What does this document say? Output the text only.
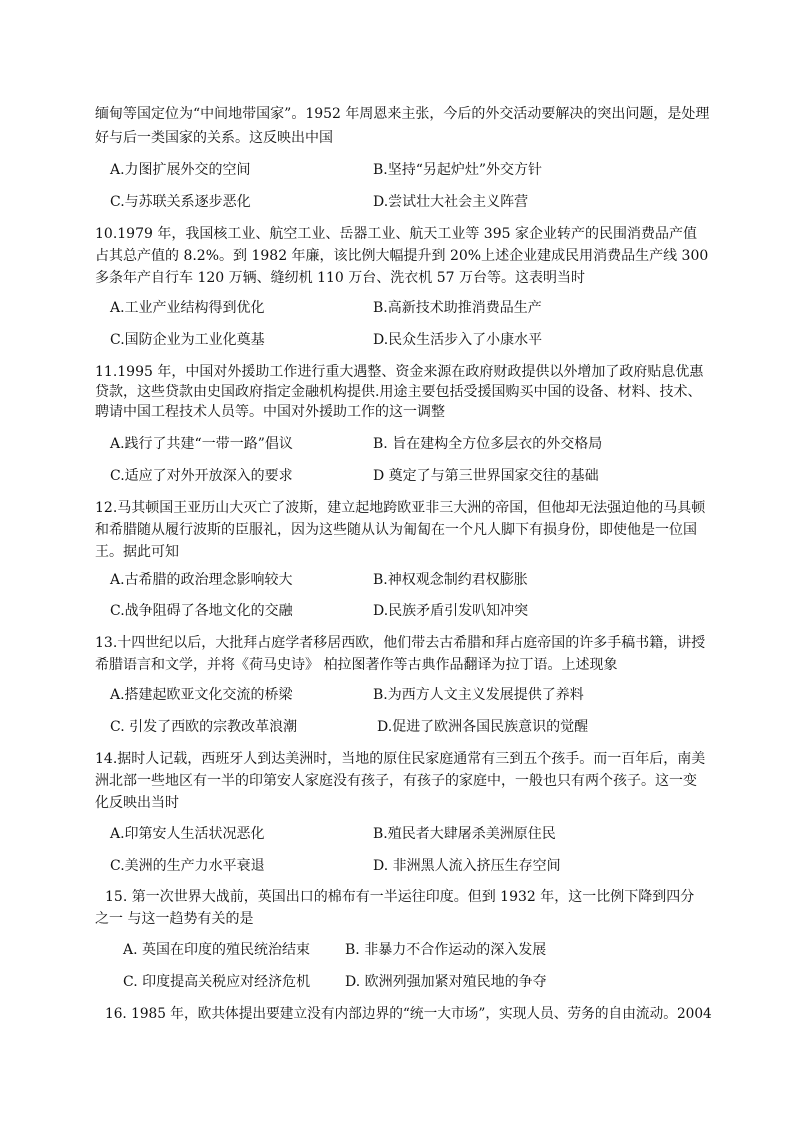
缅甸等国定位为“中间地带国家”。1952 年周恩来主张，今后的外交活动要解决的突出问题，是处理
好与后一类国家的关系。这反映出中国
A.力图扩展外交的空间	B.坚持“另起炉灶”外交方针
C.与苏联关系逐步恶化	D.尝试壮大社会主义阵营
10.1979 年，我国核工业、航空工业、岳器工业、航天工业等 395 家企业转产的民围消费品产值
占其总产值的 8.2%。到 1982 年廉，该比例大幅提升到 20%上述企业建成民用消费品生产线 300
多条年产自行车 120 万辆、缝纫机 110 万台、洗衣机 57 万台等。这表明当时
A.工业产业结构得到优化	B.高新技术助推消费品生产
C.国防企业为工业化奠基	D.民众生活步入了小康水平
11.1995 年，中国对外援助工作进行重大遇整、资金来源在政府财政提供以外增加了政府贴息优惠
贷款，这些贷款由史国政府指定金融机构提供.用途主要包括受援国购买中国的设备、材料、技术、
聘请中国工程技术人员等。中国对外援助工作的这一调整
A.践行了共建“一带一路”倡议	B. 旨在建构全方位多层衣的外交格局
C.适应了对外开放深入的要求	D 奠定了与第三世界国家交往的基础
12.马其顿国王亚历山大灭亡了波斯，建立起地跨欧亚非三大洲的帝国，但他却无法强迫他的马具顿
和希腊随从履行波斯的臣服礼，因为这些随从认为匍匐在一个凡人脚下有损身份，即使他是一位国
王。据此可知
A.古希腊的政治理念影响较大	B.神权观念制约君权膨胀
C.战争阻碍了各地文化的交融	D.民族矛盾引发叭知冲突
13.十四世纪以后，大批拜占庭学者移居西欧，他们带去古希腊和拜占庭帝国的许多手稿书籍，讲授
希腊语言和文学，并将《荷马史诗》 柏拉图著作等古典作品翻译为拉丁语。上述现象
A.搭建起欧亚文化交流的桥梁	B.为西方人文主义发展提供了养料
C. 引发了西欧的宗教改革浪潮	D.促进了欧洲各国民族意识的觉醒
14.据时人记载，西班牙人到达美洲时，当地的原住民家庭通常有三到五个孩手。而一百年后，南美
洲北部一些地区有一半的印第安人家庭没有孩子，有孩子的家庭中，一般也只有两个孩子。这一变
化反映出当时
A.印第安人生活状况恶化	B.殖民者大肆屠杀美洲原住民
C.美洲的生产力水平衰退	D. 非洲黑人流入挤压生存空间
15. 第一次世界大战前，英国出口的棉布有一半运往印度。但到 1932 年，这一比例下降到四分
之一 与这一趋势有关的是
A. 英国在印度的殖民统治结束 B. 非暴力不合作运动的深入发展
C. 印度提高关税应对经济危机 D. 欧洲列强加紧对殖民地的争夺
16. 1985 年，欧共体提出要建立没有内部边界的“统一大市场”，实现人员、劳务的自由流动。2004
